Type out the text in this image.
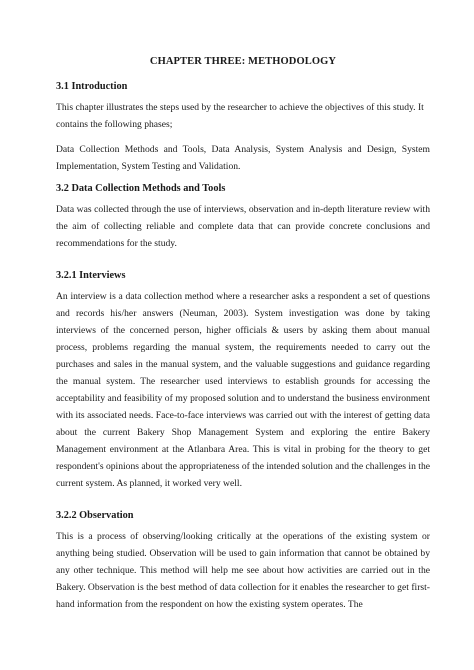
CHAPTER THREE: METHODOLOGY
3.1 Introduction
This chapter illustrates the steps used by the researcher to achieve the objectives of this study. It contains the following phases;
Data Collection Methods and Tools, Data Analysis, System Analysis and Design, System Implementation, System Testing and Validation.
3.2 Data Collection Methods and Tools
Data was collected through the use of interviews, observation and in-depth literature review with the aim of collecting reliable and complete data that can provide concrete conclusions and recommendations for the study.
3.2.1 Interviews
An interview is a data collection method where a researcher asks a respondent a set of questions and records his/her answers (Neuman, 2003). System investigation was done by taking interviews of the concerned person, higher officials & users by asking them about manual process, problems regarding the manual system, the requirements needed to carry out the purchases and sales in the manual system, and the valuable suggestions and guidance regarding the manual system. The researcher used interviews to establish grounds for accessing the acceptability and feasibility of my proposed solution and to understand the business environment with its associated needs. Face-to-face interviews was carried out with the interest of getting data about the current Bakery Shop Management System and exploring the entire Bakery Management environment at the Atlanbara Area. This is vital in probing for the theory to get respondent's opinions about the appropriateness of the intended solution and the challenges in the current system. As planned, it worked very well.
3.2.2 Observation
This is a process of observing/looking critically at the operations of the existing system or anything being studied. Observation will be used to gain information that cannot be obtained by any other technique. This method will help me see about how activities are carried out in the Bakery. Observation is the best method of data collection for it enables the researcher to get first-hand information from the respondent on how the existing system operates. The
